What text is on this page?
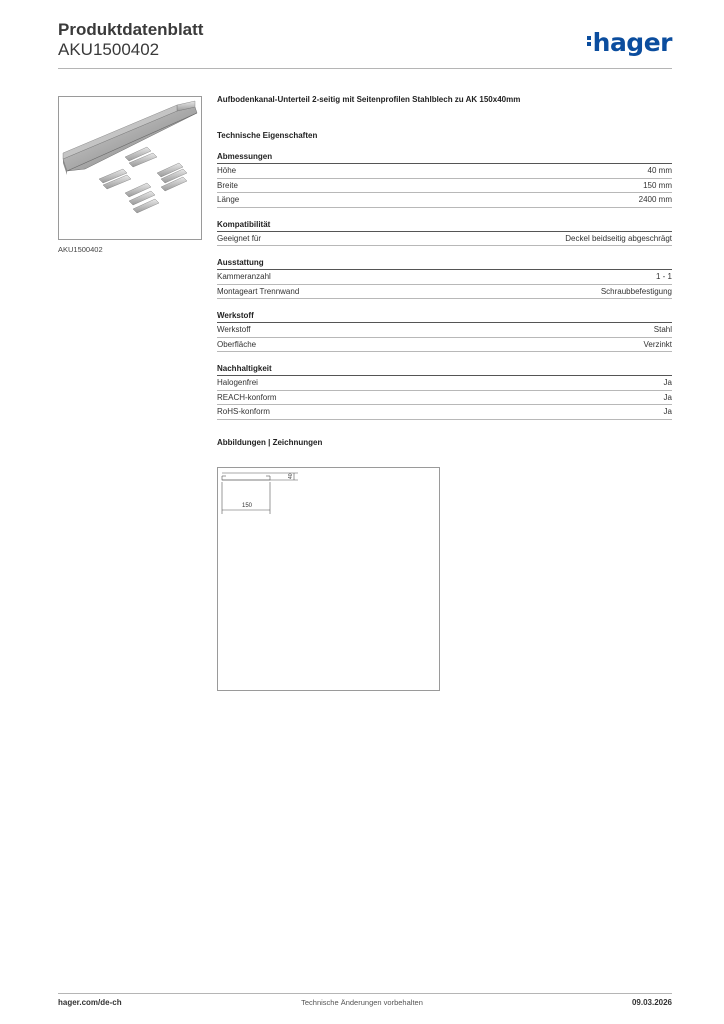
Produktdatenblatt
AKU1500402	hager
AKU1500402
Aufbodenkanal-Unterteil 2-seitig mit Seitenprofilen Stahlblech zu AK 150x40mm
Technische Eigenschaften
Abmessungen
Höhe	40 mm
Breite	150 mm
Länge	2400 mm
Kompatibilität
Geeignet für	Deckel beidseitig abgeschrägt
Ausstattung
Kammeranzahl	1 - 1
Montageart Trennwand	Schraubbefestigung
Werkstoff
Werkstoff	Stahl
Oberfläche	Verzinkt
Nachhaltigkeit
Halogenfrei	Ja
REACH-konform	Ja
RoHS-konform	Ja
Abbildungen | Zeichnungen
150
40
hager.com/de-ch	Technische Änderungen vorbehalten	09.03.2026
